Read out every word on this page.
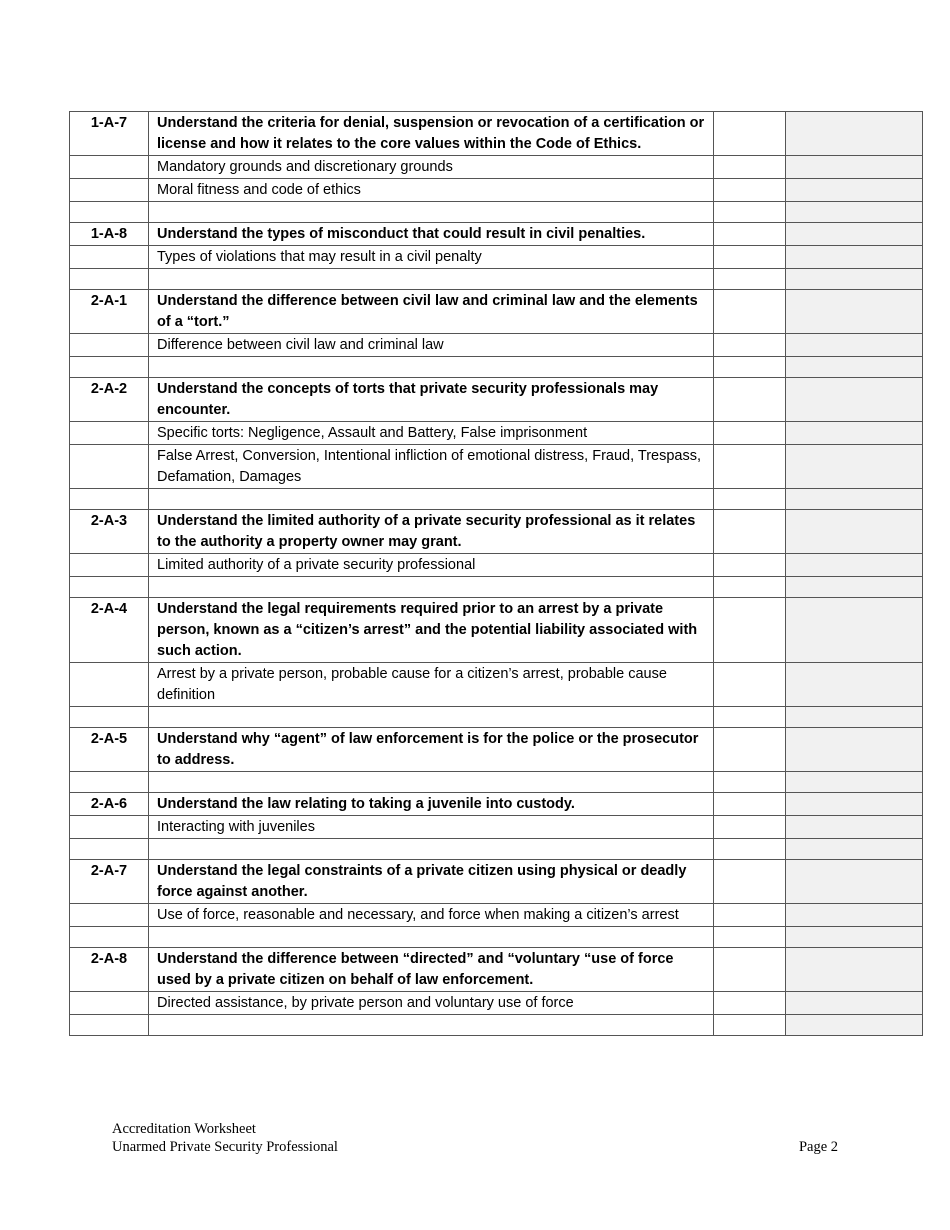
1-A-7	Understand the criteria for denial, suspension or revocation of a certification or license and how it relates to the core values within the Code of Ethics.		
	Mandatory grounds and discretionary grounds		
	Moral fitness and code of ethics		

1-A-8	Understand the types of misconduct that could result in civil penalties.		
	Types of violations that may result in a civil penalty		

2-A-1	Understand the difference between civil law and criminal law and the elements of a “tort.”		
	Difference between civil law and criminal law		

2-A-2	Understand the concepts of torts that private security professionals may encounter.		
	Specific torts: Negligence, Assault and Battery, False imprisonment		
	False Arrest, Conversion, Intentional infliction of emotional distress, Fraud, Trespass, Defamation, Damages		

2-A-3	Understand the limited authority of a private security professional as it relates to the authority a property owner may grant.		
	Limited authority of a private security professional		

2-A-4	Understand the legal requirements required prior to an arrest by a private person, known as a “citizen’s arrest” and the potential liability associated with such action.		
	Arrest by a private person, probable cause for a citizen’s arrest, probable cause definition		

2-A-5	Understand why “agent” of law enforcement is for the police or the prosecutor to address.		

2-A-6	Understand the law relating to taking a juvenile into custody.		
	Interacting with juveniles		

2-A-7	Understand the legal constraints of a private citizen using physical or deadly force against another.		
	Use of force, reasonable and necessary, and force when making a citizen’s arrest		

2-A-8	Understand the difference between “directed” and “voluntary “use of force used by a private citizen on behalf of law enforcement.		
	Directed assistance, by private person and voluntary use of force		

Accreditation Worksheet
Unarmed Private Security Professional	Page 2
